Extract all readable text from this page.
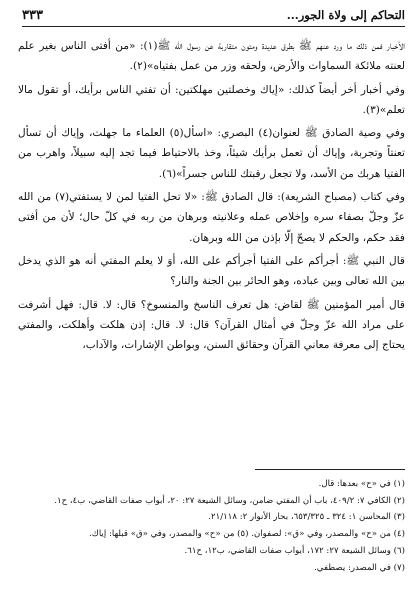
التحاكم إلى ولاة الجور...
٣٣٣

الأخبار فمن ذلك ما ورد عنهم ﷺ بطرق عديدة ومتون متقاربة عن رسول الله ﷺ(١): «من أفتى الناس بغير علم لعنته ملائكة السماوات والأرض، ولحقه وزر من عمل بفتياه»(٢).

وفي أخبار أخر أيضاً كذلك: «إياك وخصلتين مهلكتين: أن تفتي الناس برأيك، أو تقول مالا تعلم»(٣).

وفي وصية الصادق ﷺ لعنوان(٤) البصري: «اسأل(٥) العلماء ما جهلت، وإياك أن تسأل تعنتاً وتجربة، وإياك أن تعمل برأيك شيئاً، وخذ بالاحتياط فيما تجد إليه سبيلاً، واهرب من الفتيا هربك من الأسد، ولا تجعل رقبتك للناس جسراً»(٦).

وفي كتاب (مصباح الشريعة): قال الصادق ﷺ: «لا تحل الفتيا لمن لا يستفتي(٧) من الله عزّ وجلّ بصفاء سره وإخلاص عمله وعلانيته وبرهان من ربه في كلّ حال؛ لأن من أفتى فقد حكم، والحكم لا يصحّ إلّا بإذن من الله وبرهان.

قال النبي ﷺ: أجرأكم على الفتيا أجرأكم على الله، أوَ لا يعلم المفتي أنه هو الذي يدخل بين الله تعالى وبين عباده، وهو الحائر بين الجنة والنار؟

قال أمير المؤمنين ﷺ لقاض: هل تعرف الناسخ والمنسوخ؟ قال: لا. قال: فهل أشرفت على مراد الله عزّ وجلّ في أمثال القرآن؟ قال: لا. قال: إذن هلكت وأهلكت، والمفتي يحتاج إلى معرفة معاني القرآن وحقائق السنن، وبواطن الإشارات، والآداب،

(١) في «ح» بعدها: قال.

(٢) الكافي ٧: ٤٠٩/٢، باب أن المفتي ضامن، وسائل الشيعة ٢٧: ٢٠، أبواب صفات القاضي، ب٤، ح١.

(٣) المحاسن ١: ٣٢٤ ـ ٦٥٣/٣٢٥، بحار الأنوار ٢: ٢١/١١٨.

(٤) من «ح» والمصدر، وفي «ق»: لصفوان. (٥) من «ح» والمصدر، وفي «ق» قبلها: إياك.

(٦) وسائل الشيعة ٢٧: ١٧٢، أبواب صفات القاضي، ب١٢، ح٦١.

(٧) في المصدر: يصطفي.
